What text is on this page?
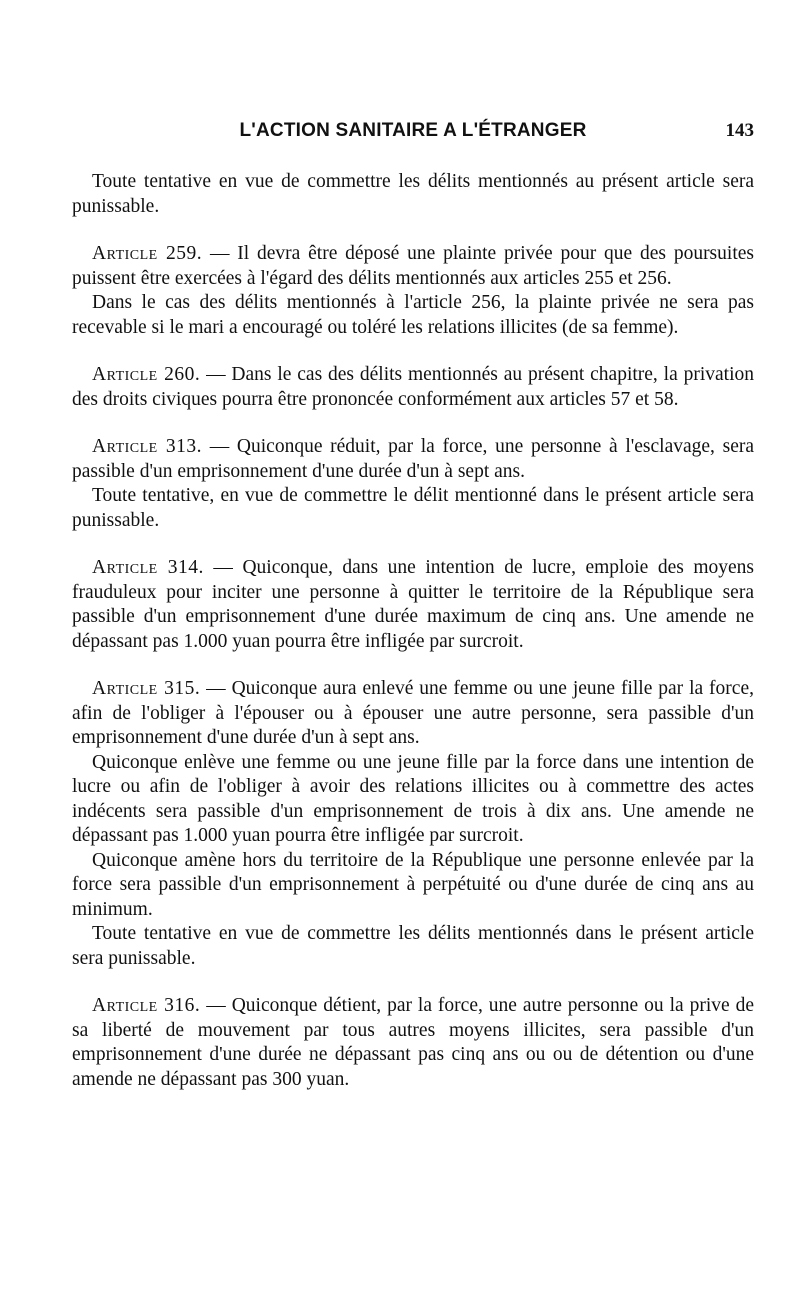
L'ACTION SANITAIRE A L'ÉTRANGER	143

Toute tentative en vue de commettre les délits mentionnés au présent article sera punissable.

Article 259. — Il devra être déposé une plainte privée pour que des poursuites puissent être exercées à l'égard des délits mentionnés aux articles 255 et 256.

Dans le cas des délits mentionnés à l'article 256, la plainte privée ne sera pas recevable si le mari a encouragé ou toléré les relations illicites (de sa femme).

Article 260. — Dans le cas des délits mentionnés au présent chapitre, la privation des droits civiques pourra être prononcée conformément aux articles 57 et 58.

Article 313. — Quiconque réduit, par la force, une personne à l'esclavage, sera passible d'un emprisonnement d'une durée d'un à sept ans.

Toute tentative, en vue de commettre le délit mentionné dans le présent article sera punissable.

Article 314. — Quiconque, dans une intention de lucre, emploie des moyens frauduleux pour inciter une personne à quitter le territoire de la République sera passible d'un emprisonnement d'une durée maximum de cinq ans. Une amende ne dépassant pas 1.000 yuan pourra être infligée par surcroit.

Article 315. — Quiconque aura enlevé une femme ou une jeune fille par la force, afin de l'obliger à l'épouser ou à épouser une autre personne, sera passible d'un emprisonnement d'une durée d'un à sept ans.

Quiconque enlève une femme ou une jeune fille par la force dans une intention de lucre ou afin de l'obliger à avoir des relations illicites ou à commettre des actes indécents sera passible d'un emprisonnement de trois à dix ans. Une amende ne dépassant pas 1.000 yuan pourra être infligée par surcroit.

Quiconque amène hors du territoire de la République une personne enlevée par la force sera passible d'un emprisonnement à perpétuité ou d'une durée de cinq ans au minimum.

Toute tentative en vue de commettre les délits mentionnés dans le présent article sera punissable.

Article 316. — Quiconque détient, par la force, une autre personne ou la prive de sa liberté de mouvement par tous autres moyens illicites, sera passible d'un emprisonnement d'une durée ne dépassant pas cinq ans ou ou de détention ou d'une amende ne dépassant pas 300 yuan.
